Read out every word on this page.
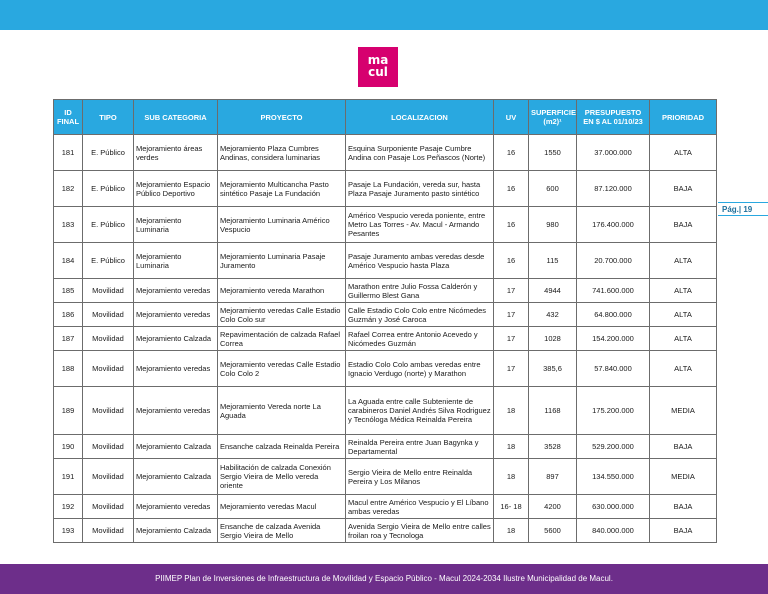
ma
cul
Pág.| 19
ID FINAL	TIPO	SUB CATEGORIA	PROYECTO	LOCALIZACION	UV	SUPERFICIE (m2)¹	PRESUPUESTO EN $ AL 01/10/23	PRIORIDAD
181	E. Público	Mejoramiento áreas verdes	Mejoramiento Plaza Cumbres Andinas, considera luminarias	Esquina Surponiente Pasaje Cumbre Andina con Pasaje Los Peñascos (Norte)	16	1550	37.000.000	ALTA
182	E. Público	Mejoramiento Espacio Público Deportivo	Mejoramiento Multicancha Pasto sintético Pasaje La Fundación	Pasaje La Fundación, vereda sur, hasta Plaza Pasaje Juramento pasto sintético	16	600	87.120.000	BAJA
183	E. Público	Mejoramiento Luminaria	Mejoramiento Luminaria Américo Vespucio	Américo Vespucio vereda poniente, entre Metro Las Torres - Av. Macul - Armando Pesantes	16	980	176.400.000	BAJA
184	E. Público	Mejoramiento Luminaria	Mejoramiento Luminaria Pasaje Juramento	Pasaje Juramento ambas veredas desde Américo Vespucio hasta Plaza	16	115	20.700.000	ALTA
185	Movilidad	Mejoramiento veredas	Mejoramiento vereda Marathon	Marathon entre Julio Fossa Calderón y Guillermo Blest Gana	17	4944	741.600.000	ALTA
186	Movilidad	Mejoramiento veredas	Mejoramiento veredas Calle Estadio Colo Colo sur	Calle Estadio Colo Colo entre Nicómedes Guzmán y José Caroca	17	432	64.800.000	ALTA
187	Movilidad	Mejoramiento Calzada	Repavimentación de calzada Rafael Correa	Rafael Correa entre Antonio Acevedo y Nicómedes Guzmán	17	1028	154.200.000	ALTA
188	Movilidad	Mejoramiento veredas	Mejoramiento veredas Calle Estadio Colo Colo 2	Estadio Colo Colo ambas veredas entre Ignacio Verdugo (norte) y Marathon	17	385,6	57.840.000	ALTA
189	Movilidad	Mejoramiento veredas	Mejoramiento Vereda norte La Aguada	La Aguada entre calle Subteniente de carabineros Daniel Andrés Silva Rodriguez y Tecnóloga Médica Reinalda Pereira	18	1168	175.200.000	MEDIA
190	Movilidad	Mejoramiento Calzada	Ensanche calzada Reinalda Pereira	Reinalda Pereira entre Juan Bagynka y Departamental	18	3528	529.200.000	BAJA
191	Movilidad	Mejoramiento Calzada	Habilitación de calzada Conexión Sergio Vieira de Mello vereda oriente	Sergio Vieira de Mello entre Reinalda Pereira y Los Milanos	18	897	134.550.000	MEDIA
192	Movilidad	Mejoramiento veredas	Mejoramiento veredas Macul	Macul entre Américo Vespucio y El Líbano ambas veredas	16- 18	4200	630.000.000	BAJA
193	Movilidad	Mejoramiento Calzada	Ensanche de calzada Avenida Sergio Vieira de Mello	Avenida Sergio Vieira de Mello entre calles froilan roa y Tecnologa	18	5600	840.000.000	BAJA
PIIMEP Plan de Inversiones de Infraestructura de Movilidad y Espacio Público - Macul 2024-2034 Ilustre Municipalidad de Macul.
